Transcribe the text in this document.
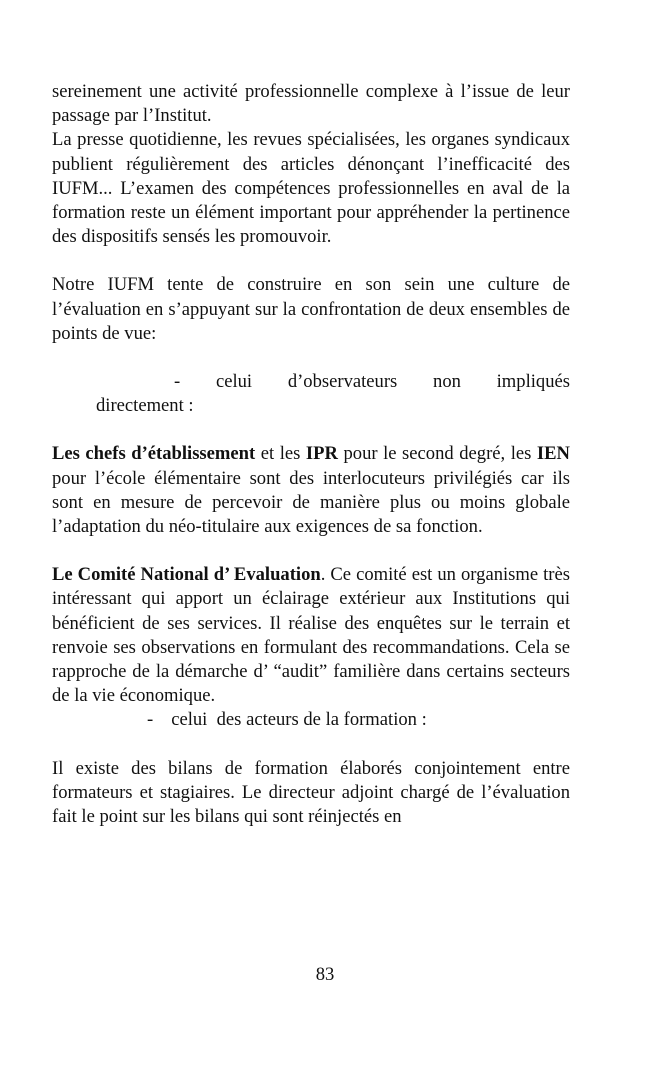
sereinement une activité professionnelle complexe à l’issue de leur passage par l’Institut.

La presse quotidienne, les revues spécialisées, les organes syndicaux publient régulièrement des articles dénonçant l’inefficacité des IUFM... L’examen des compétences professionnelles en aval de la formation reste un élément important pour appréhender la pertinence des dispositifs sensés les promouvoir.

Notre IUFM tente de construire en son sein une culture de l’évaluation en s’appuyant sur la confrontation de deux ensembles de points de vue:

- celui d’observateurs non impliqués
directement :

Les chefs d’établissement et les IPR pour le second degré, les IEN pour l’école élémentaire sont des interlocuteurs privilégiés car ils sont en mesure de percevoir de manière plus ou moins globale l’adaptation du néo-titulaire aux exigences de sa fonction.

Le Comité National d’ Evaluation. Ce comité est un organisme très intéressant qui apport un éclairage extérieur aux Institutions qui bénéficient de ses services. Il réalise des enquêtes sur le terrain et renvoie ses observations en formulant des recommandations. Cela se rapproche de la démarche d’ “audit” familière dans certains secteurs de la vie économique.

- celui  des acteurs de la formation :

Il existe des bilans de formation élaborés conjointement entre formateurs et stagiaires. Le directeur adjoint chargé de l’évaluation fait le point sur les bilans qui sont réinjectés en

83
